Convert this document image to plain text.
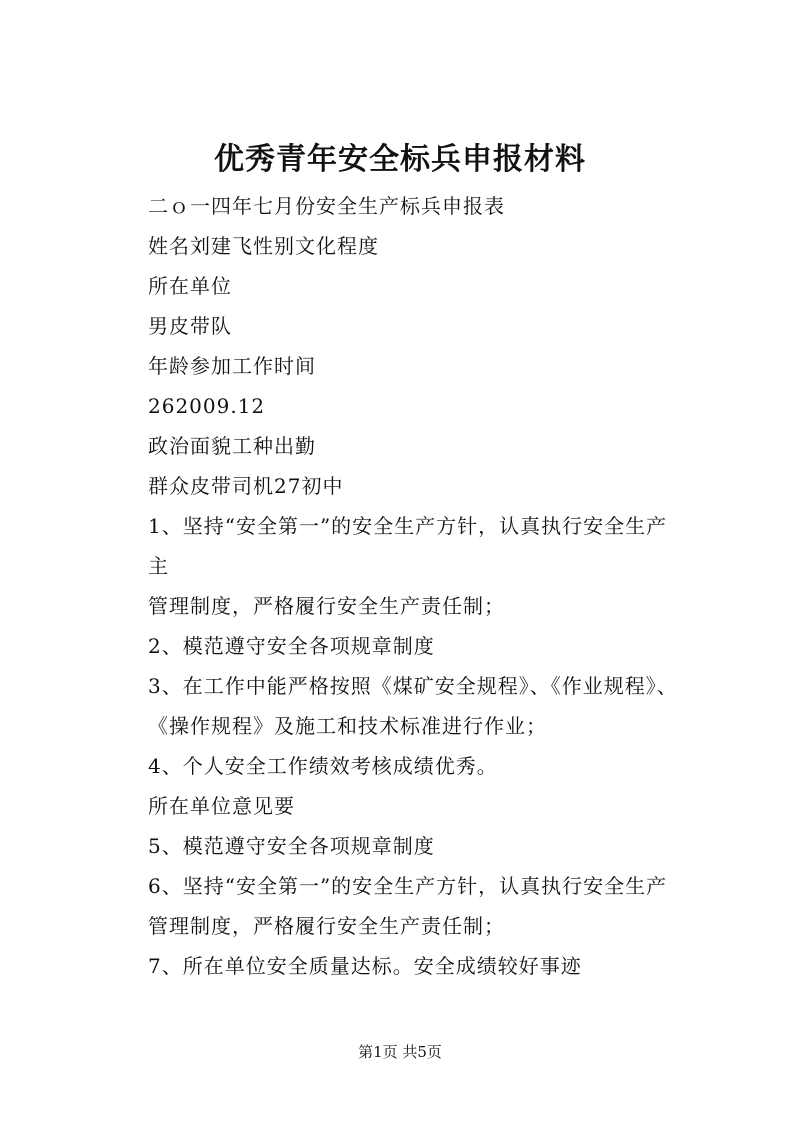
优秀青年安全标兵申报材料
二ｏ一四年七月份安全生产标兵申报表
姓名刘建飞性别文化程度
所在单位
男皮带队
年龄参加工作时间
262009.12
政治面貌工种出勤
群众皮带司机27初中
1、坚持“安全第一”的安全生产方针，认真执行安全生产
主
管理制度，严格履行安全生产责任制；
2、模范遵守安全各项规章制度
3、在工作中能严格按照《煤矿安全规程》、《作业规程》、
《操作规程》及施工和技术标准进行作业；
4、个人安全工作绩效考核成绩优秀。
所在单位意见要
5、模范遵守安全各项规章制度
6、坚持“安全第一”的安全生产方针，认真执行安全生产
管理制度，严格履行安全生产责任制；
7、所在单位安全质量达标。安全成绩较好事迹
第1页 共5页
